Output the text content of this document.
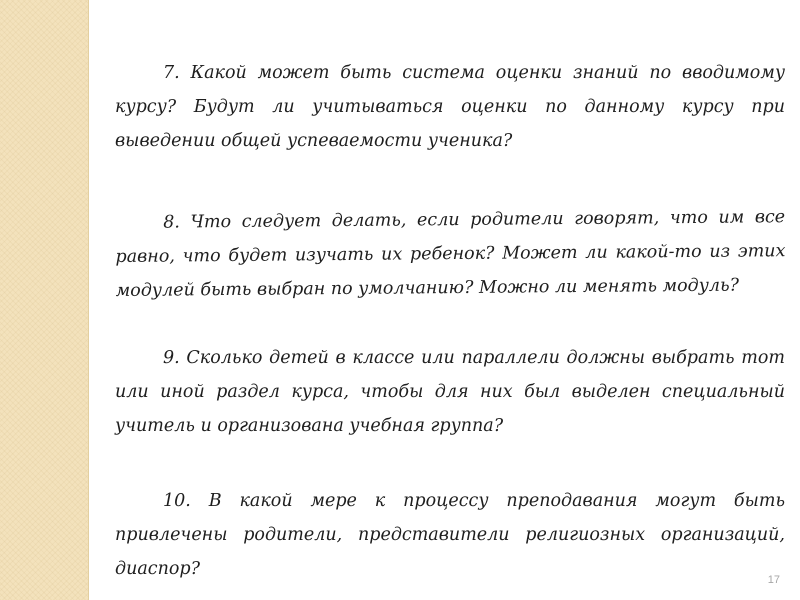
7. Какой может быть система оценки знаний по вводимому курсу? Будут ли учитываться оценки по данному курсу при выведении общей успеваемости ученика?

8. Что следует делать, если родители говорят, что им все равно, что будет изучать их ребенок? Может ли какой-то из этих модулей быть выбран по умолчанию? Можно ли менять модуль?

9. Сколько детей в классе или параллели должны выбрать тот или иной раздел курса, чтобы для них был выделен специальный учитель и организована учебная группа?

10. В какой мере к процессу преподавания могут быть привлечены родители, представители религиозных организаций, диаспор?

17
